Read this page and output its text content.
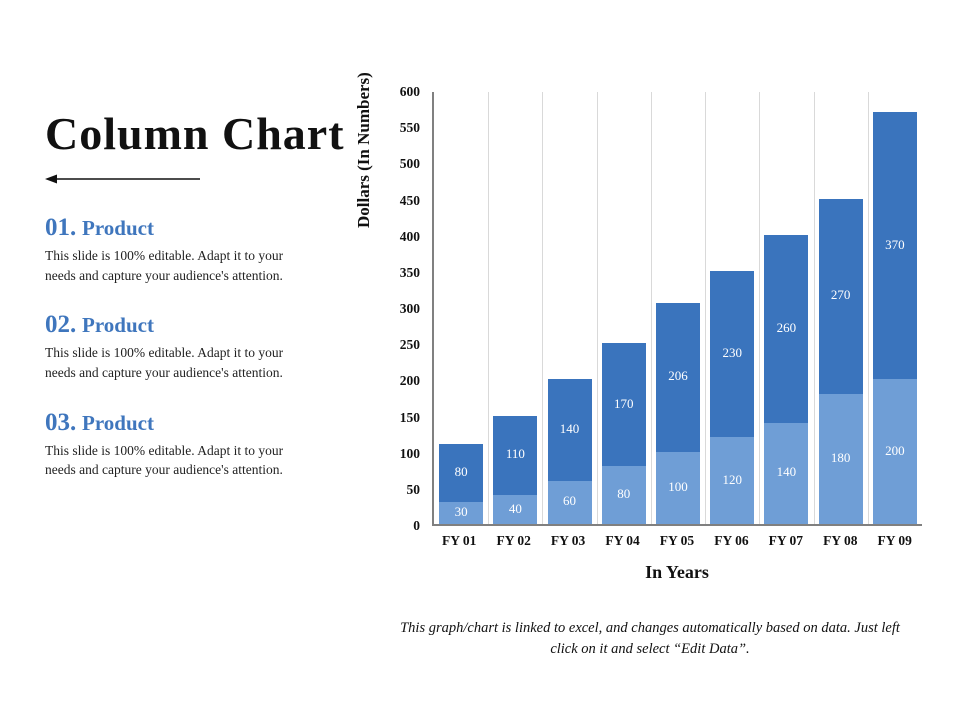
Column Chart
01. Product
This slide is 100% editable. Adapt it to your needs and capture your audience's attention.
02. Product
This slide is 100% editable. Adapt it to your needs and capture your audience's attention.
03. Product
This slide is 100% editable. Adapt it to your needs and capture your audience's attention.
Dollars (In Numbers)
0
50
100
150
200
250
300
350
400
450
500
550
600
80
30
110
40
140
60
170
80
206
100
230
120
260
140
270
180
370
200
FY 01	FY 02	FY 03	FY 04	FY 05	FY 06	FY 07	FY 08	FY 09
In Years
This graph/chart is linked to excel, and changes automatically based on data. Just left click on it and select “Edit Data”.
